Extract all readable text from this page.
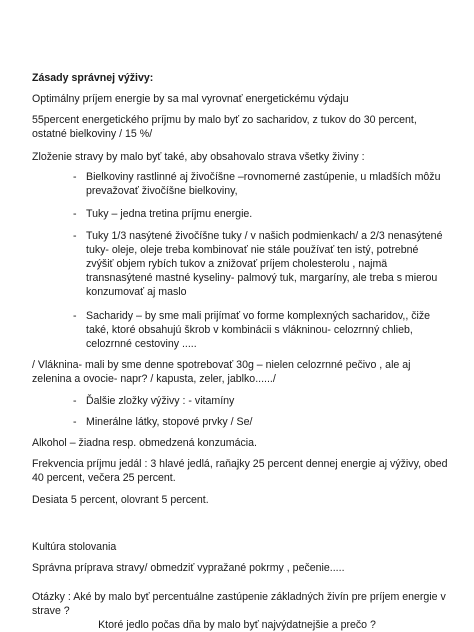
Zásady správnej výživy:

Optimálny príjem energie by sa mal vyrovnať energetickému výdaju

55percent energetického príjmu by malo byť zo sacharidov, z tukov do 30 percent, ostatné bielkoviny / 15 %/

Zloženie stravy by malo byť také, aby obsahovalo strava všetky živiny :

- Bielkoviny rastlinné aj živočíšne –rovnomerné zastúpenie, u mladších môžu prevažovať živočíšne bielkoviny,

- Tuky – jedna tretina príjmu energie.

- Tuky 1/3 nasýtené živočíšne tuky / v našich podmienkach/ a 2/3 nenasýtené tuky- oleje, oleje treba kombinovať nie stále používať ten istý, potrebné zvýšiť objem rybích tukov a znižovať príjem cholesterolu , najmä transnasýtené mastné kyseliny- palmový tuk, margaríny, ale treba s mierou konzumovať aj maslo

- Sacharidy – by sme mali prijímať vo forme komplexných sacharidov,, čiže také, ktoré obsahujú škrob v kombinácii s vlákninou- celozrnný chlieb, celozrnné cestoviny .....

/ Vláknina- mali by sme denne spotrebovať 30g – nielen celozrnné pečivo , ale aj zelenina a ovocie- napr? / kapusta, zeler, jablko....../

- Ďalšie zložky výživy : - vitamíny

- Minerálne látky, stopové prvky / Se/

Alkohol – žiadna resp. obmedzená konzumácia.

Frekvencia príjmu jedál : 3 hlavé jedlá, raňajky 25 percent dennej energie aj výživy, obed 40 percent, večera 25 percent.

Desiata 5 percent, olovrant 5 percent.

Kultúra stolovania

Správna príprava stravy/ obmedziť vypražané pokrmy , pečenie.....

Otázky : Aké by malo byť percentuálne zastúpenie základných živín pre príjem energie v strave ?

Ktoré jedlo počas dňa by malo byť najvýdatnejšie a prečo ?
